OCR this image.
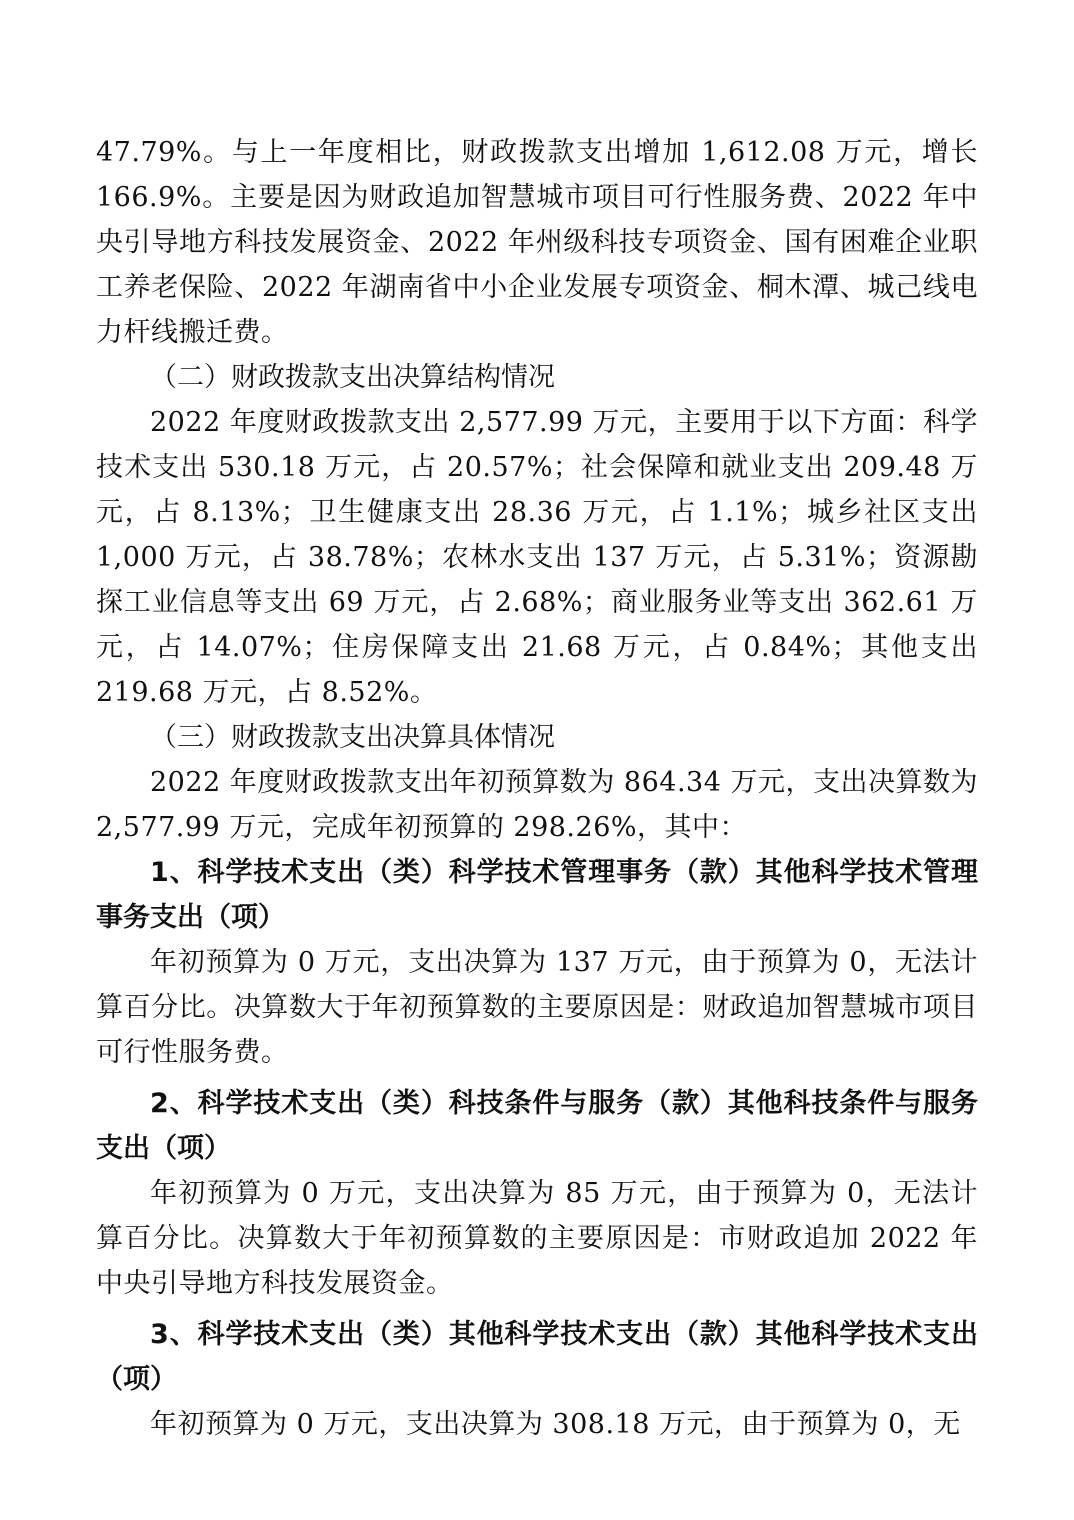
47.79%。与上一年度相比，财政拨款支出增加 1,612.08 万元，增长 166.9%。主要是因为财政追加智慧城市项目可行性服务费、2022 年中央引导地方科技发展资金、2022 年州级科技专项资金、国有困难企业职工养老保险、2022 年湖南省中小企业发展专项资金、桐木潭、城己线电力杆线搬迁费。

（二）财政拨款支出决算结构情况

2022 年度财政拨款支出 2,577.99 万元，主要用于以下方面：科学技术支出 530.18 万元，占 20.57%；社会保障和就业支出 209.48 万元，占 8.13%；卫生健康支出 28.36 万元，占 1.1%；城乡社区支出 1,000 万元，占 38.78%；农林水支出 137 万元，占 5.31%；资源勘探工业信息等支出 69 万元，占 2.68%；商业服务业等支出 362.61 万元，占 14.07%；住房保障支出 21.68 万元，占 0.84%；其他支出 219.68 万元，占 8.52%。

（三）财政拨款支出决算具体情况

2022 年度财政拨款支出年初预算数为 864.34 万元，支出决算数为 2,577.99 万元，完成年初预算的 298.26%，其中：

1、科学技术支出（类）科学技术管理事务（款）其他科学技术管理事务支出（项）

年初预算为 0 万元，支出决算为 137 万元，由于预算为 0，无法计算百分比。决算数大于年初预算数的主要原因是：财政追加智慧城市项目可行性服务费。

2、科学技术支出（类）科技条件与服务（款）其他科技条件与服务支出（项）

年初预算为 0 万元，支出决算为 85 万元，由于预算为 0，无法计算百分比。决算数大于年初预算数的主要原因是：市财政追加 2022 年中央引导地方科技发展资金。

3、科学技术支出（类）其他科学技术支出（款）其他科学技术支出（项）

年初预算为 0 万元，支出决算为 308.18 万元，由于预算为 0，无
